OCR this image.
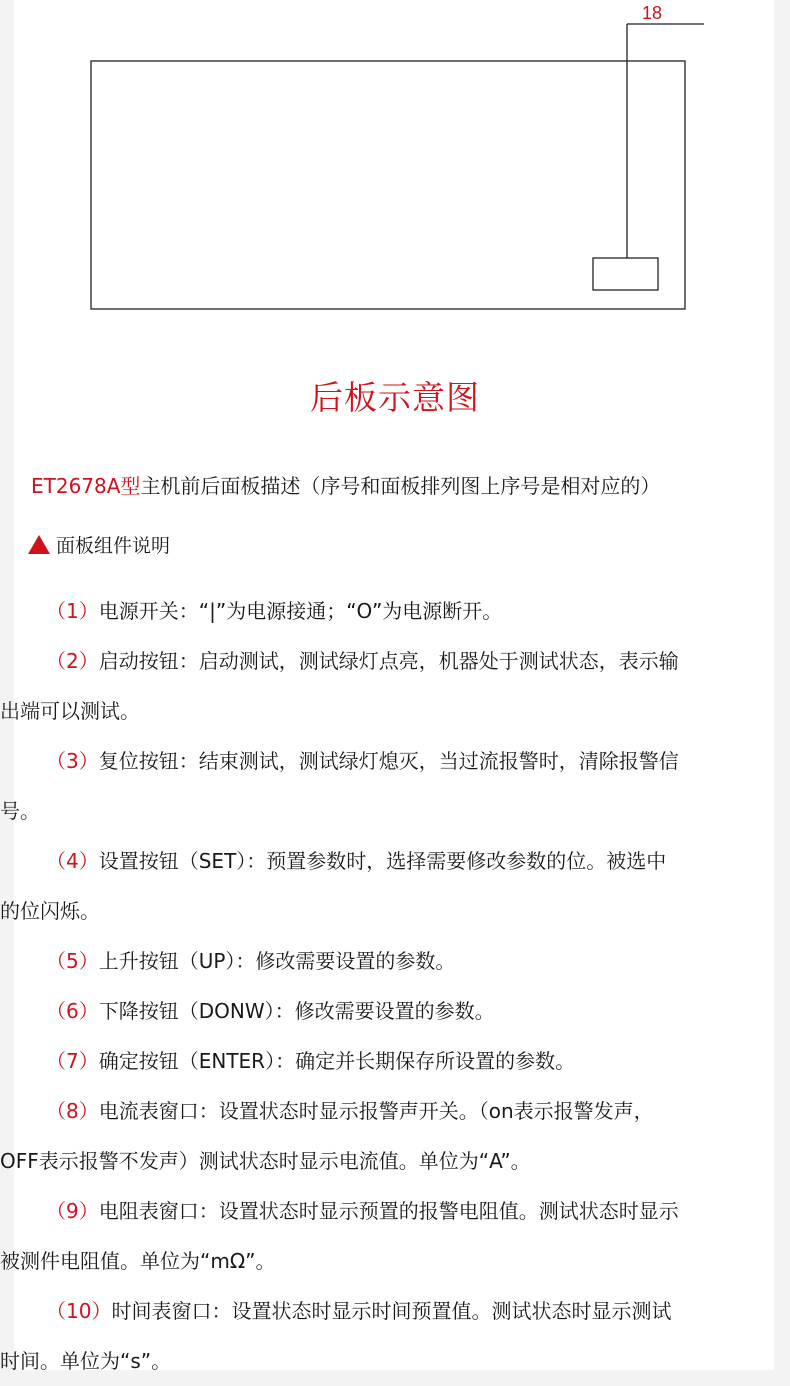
18
后板示意图
ET2678A型主机前后面板描述（序号和面板排列图上序号是相对应的）
面板组件说明
（1）电源开关：“|”为电源接通；“O”为电源断开。
（2）启动按钮：启动测试，测试绿灯点亮，机器处于测试状态，表示输
出端可以测试。
（3）复位按钮：结束测试，测试绿灯熄灭，当过流报警时，清除报警信
号。
（4）设置按钮（SET）：预置参数时，选择需要修改参数的位。被选中
的位闪烁。
（5）上升按钮（UP）：修改需要设置的参数。
（6）下降按钮（DONW）：修改需要设置的参数。
（7）确定按钮（ENTER）：确定并长期保存所设置的参数。
（8）电流表窗口：设置状态时显示报警声开关。（on表示报警发声，
OFF表示报警不发声）测试状态时显示电流值。单位为“A”。
（9）电阻表窗口：设置状态时显示预置的报警电阻值。测试状态时显示
被测件电阻值。单位为“mΩ”。
（10）时间表窗口：设置状态时显示时间预置值。测试状态时显示测试
时间。单位为“s”。
